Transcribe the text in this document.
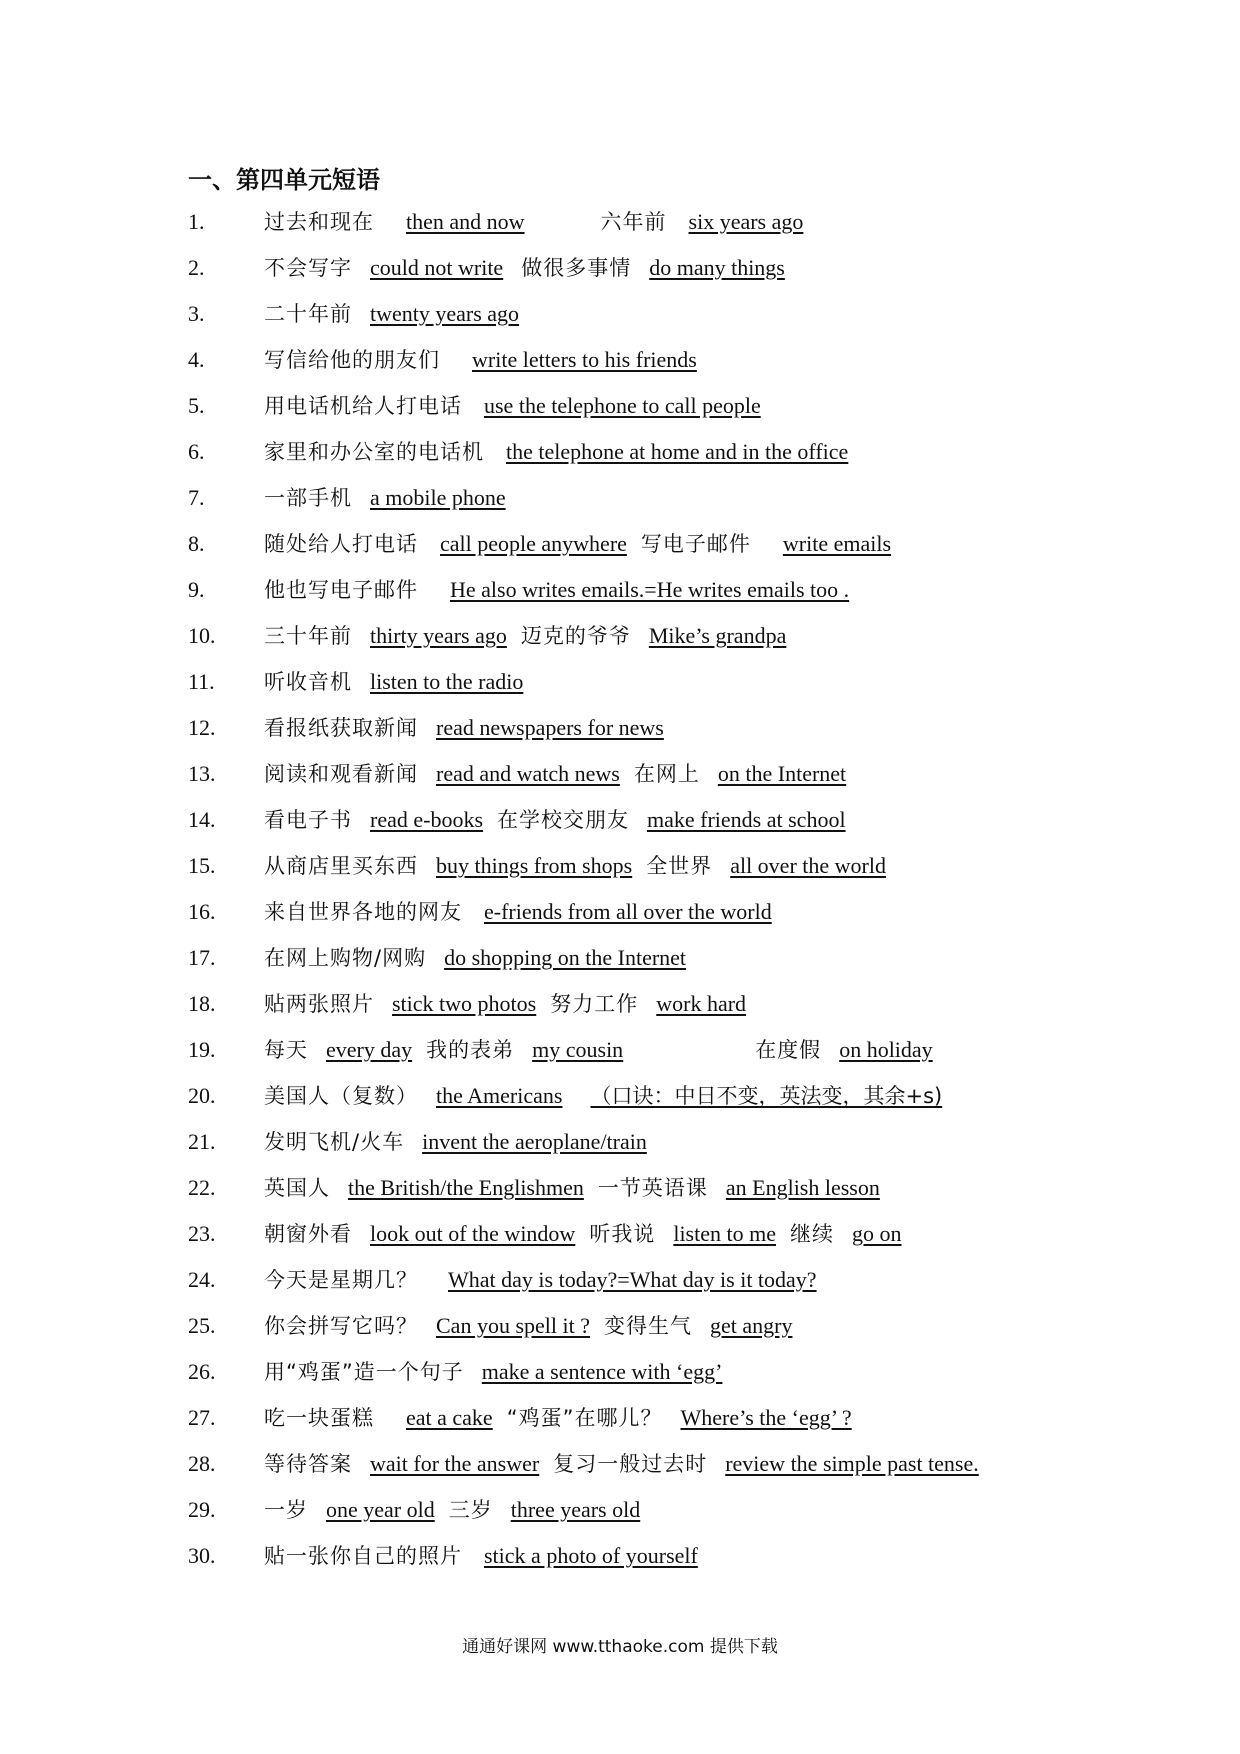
一、第四单元短语
1.	过去和现在 then and now	六年前 six years ago
2.	不会写字 could not write 做很多事情 do many things
3.	二十年前 twenty years ago
4.	写信给他的朋友们 write letters to his friends
5.	用电话机给人打电话 use the telephone to call people
6.	家里和办公室的电话机 the telephone at home and in the office
7.	一部手机 a mobile phone
8.	随处给人打电话 call people anywhere 写电子邮件 write emails
9.	他也写电子邮件 He also writes emails.=He writes emails too .
10.	三十年前 thirty years ago 迈克的爷爷 Mike’s grandpa
11.	听收音机 listen to the radio
12.	看报纸获取新闻 read newspapers for news
13.	阅读和观看新闻 read and watch news 在网上 on the Internet
14.	看电子书 read e-books 在学校交朋友 make friends at school
15.	从商店里买东西 buy things from shops 全世界 all over the world
16.	来自世界各地的网友 e-friends from all over the world
17.	在网上购物/网购 do shopping on the Internet
18.	贴两张照片 stick two photos 努力工作 work hard
19.	每天 every day 我的表弟 my cousin	在度假 on holiday
20.	美国人（复数） the Americans （口诀：中日不变，英法变，其余+s)
21.	发明飞机/火车 invent the aeroplane/train
22.	英国人 the British/the Englishmen 一节英语课 an English lesson
23.	朝窗外看 look out of the window 听我说 listen to me 继续 go on
24.	今天是星期几？ What day is today?=What day is it today?
25.	你会拼写它吗？ Can you spell it ? 变得生气 get angry
26.	用“鸡蛋”造一个句子 make a sentence with ‘egg’
27.	吃一块蛋糕 eat a cake “鸡蛋”在哪儿？ Where’s the ‘egg’ ?
28.	等待答案 wait for the answer 复习一般过去时 review the simple past tense.
29.	一岁 one year old 三岁 three years old
30.	贴一张你自己的照片 stick a photo of yourself
通通好课网 www.tthaoke.com 提供下载
